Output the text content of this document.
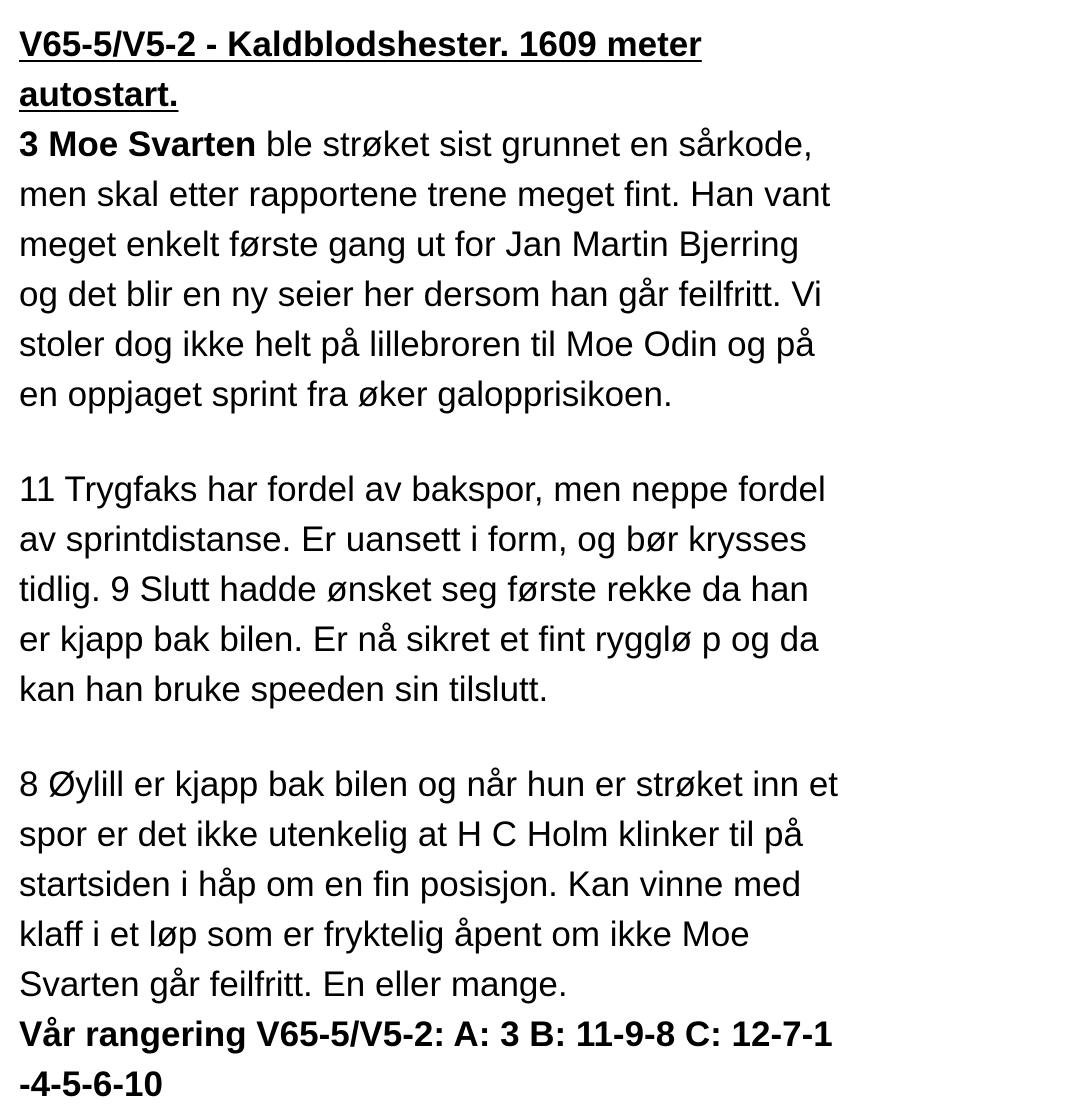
V65-5/V5-2 - Kaldblodshester. 1609 meter
autostart.
3 Moe Svarten ble strøket sist grunnet en sårkode,
men skal etter rapportene trene meget fint. Han vant
meget enkelt første gang ut for Jan Martin Bjerring
og det blir en ny seier her dersom han går feilfritt. Vi
stoler dog ikke helt på lillebroren til Moe Odin og på
en oppjaget sprint fra øker galopprisikoen.
11 Trygfaks har fordel av bakspor, men neppe fordel
av sprintdistanse. Er uansett i form, og bør krysses
tidlig. 9 Slutt hadde ønsket seg første rekke da han
er kjapp bak bilen. Er nå sikret et fint rygglø p og da
kan han bruke speeden sin tilslutt.
8 Øylill er kjapp bak bilen og når hun er strøket inn et
spor er det ikke utenkelig at H C Holm klinker til på
startsiden i håp om en fin posisjon. Kan vinne med
klaff i et løp som er fryktelig åpent om ikke Moe
Svarten går feilfritt. En eller mange.
Vår rangering V65-5/V5-2: A: 3 B: 11-9-8 C: 12-7-1
-4-5-6-10
